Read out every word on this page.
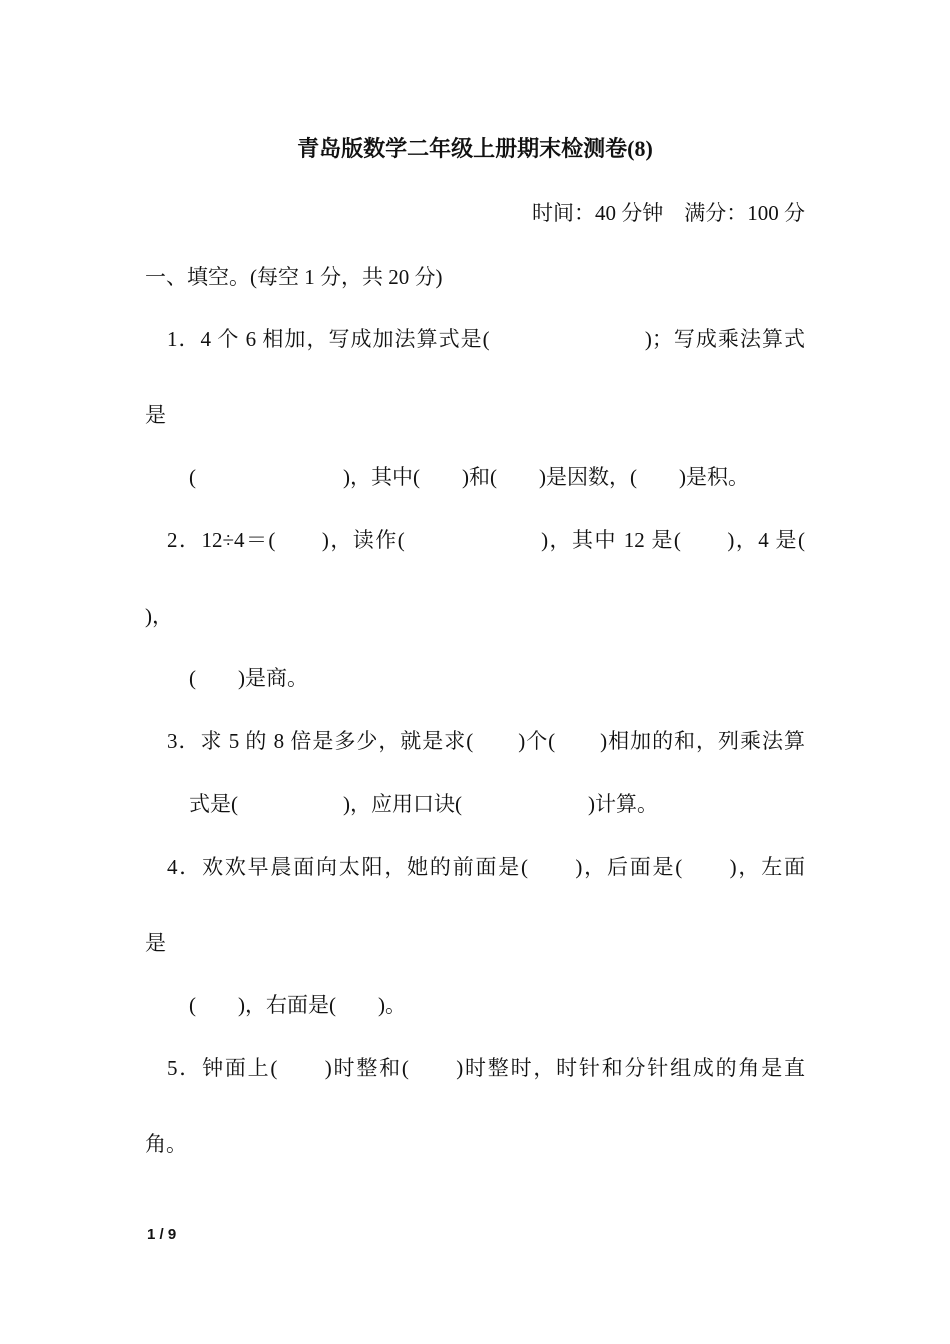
青岛版数学二年级上册期末检测卷(8)
时间：40 分钟　满分：100 分
一、填空。(每空 1 分，共 20 分)
1．4 个 6 相加，写成加法算式是(　　　　　　　)；写成乘法算式
是
(　　　　　　　)，其中(　　)和(　　)是因数，(　　)是积。
2．12÷4＝(　　)，读作(　　　　　　)，其中 12 是(　　)，4 是(
)，
(　　)是商。
3．求 5 的 8 倍是多少，就是求(　　)个(　　)相加的和，列乘法算
式是(　　　　　)，应用口诀(　　　　　　)计算。
4．欢欢早晨面向太阳，她的前面是(　　)，后面是(　　)，左面
是
(　　)，右面是(　　)。
5．钟面上(　　)时整和(　　)时整时，时针和分针组成的角是直
角。
1 / 9
